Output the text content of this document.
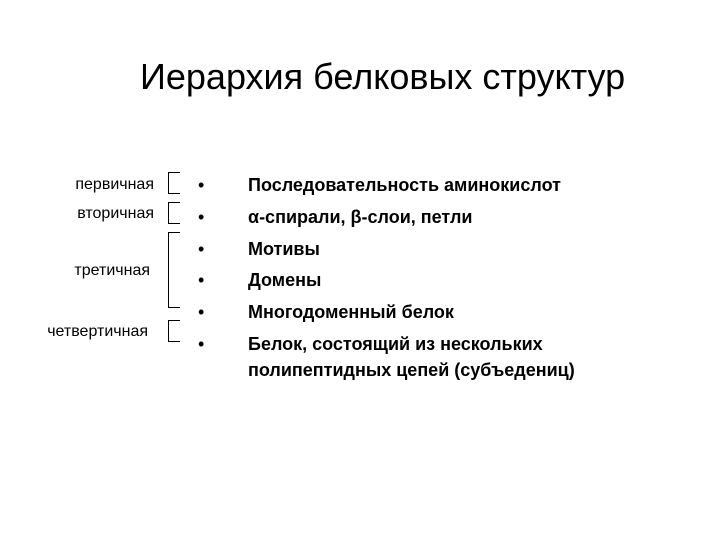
Иерархия белковых структур
первичная
вторичная
третичная
четвертичная
•	Последовательность аминокислот
•	α-спирали, β-слои, петли
•	Мотивы
•	Домены
•	Многодоменный белок
•	Белок, состоящий из нескольких полипептидных цепей (субъедениц)
